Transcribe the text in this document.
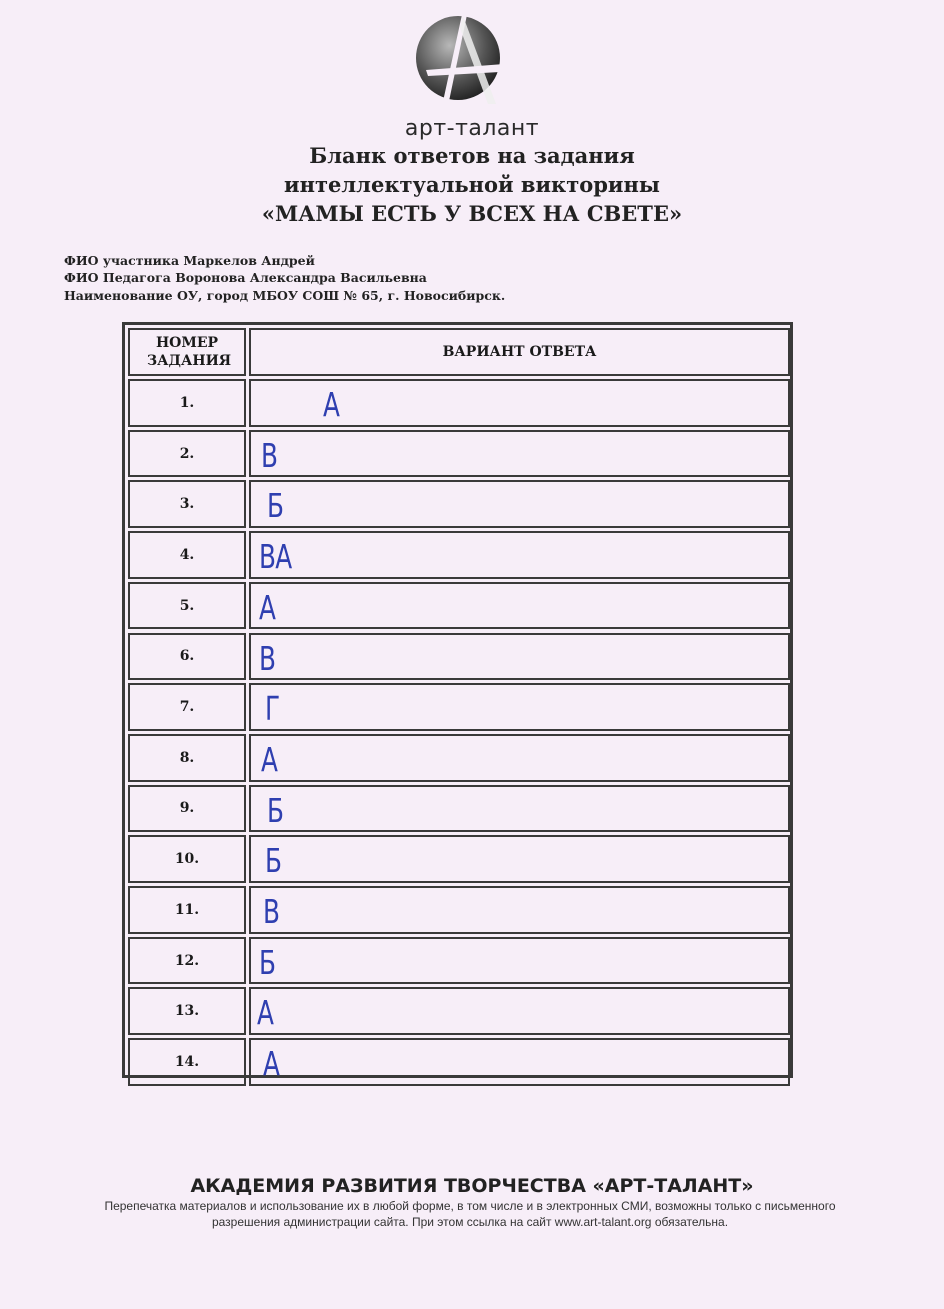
арт-талант
Бланк ответов на задания
интеллектуальной викторины
«МАМЫ ЕСТЬ У ВСЕХ НА СВЕТЕ»
ФИО участника Маркелов Андрей
ФИО Педагога Воронова Александра Васильевна
Наименование ОУ, город МБОУ СОШ № 65, г. Новосибирск.
НОМЕР ЗАДАНИЯ
ВАРИАНТ ОТВЕТА
1.	А
2. В
3. Б
4. ВА
5. А
6. В
7. Г
8. А
9. Б
10. Б
11. В
12. Б
13. А
14. А
АКАДЕМИЯ РАЗВИТИЯ ТВОРЧЕСТВА «АРТ-ТАЛАНТ»
Перепечатка материалов и использование их в любой форме, в том числе и в электронных СМИ, возможны только с письменного разрешения администрации сайта. При этом ссылка на сайт www.art-talant.org обязательна.
